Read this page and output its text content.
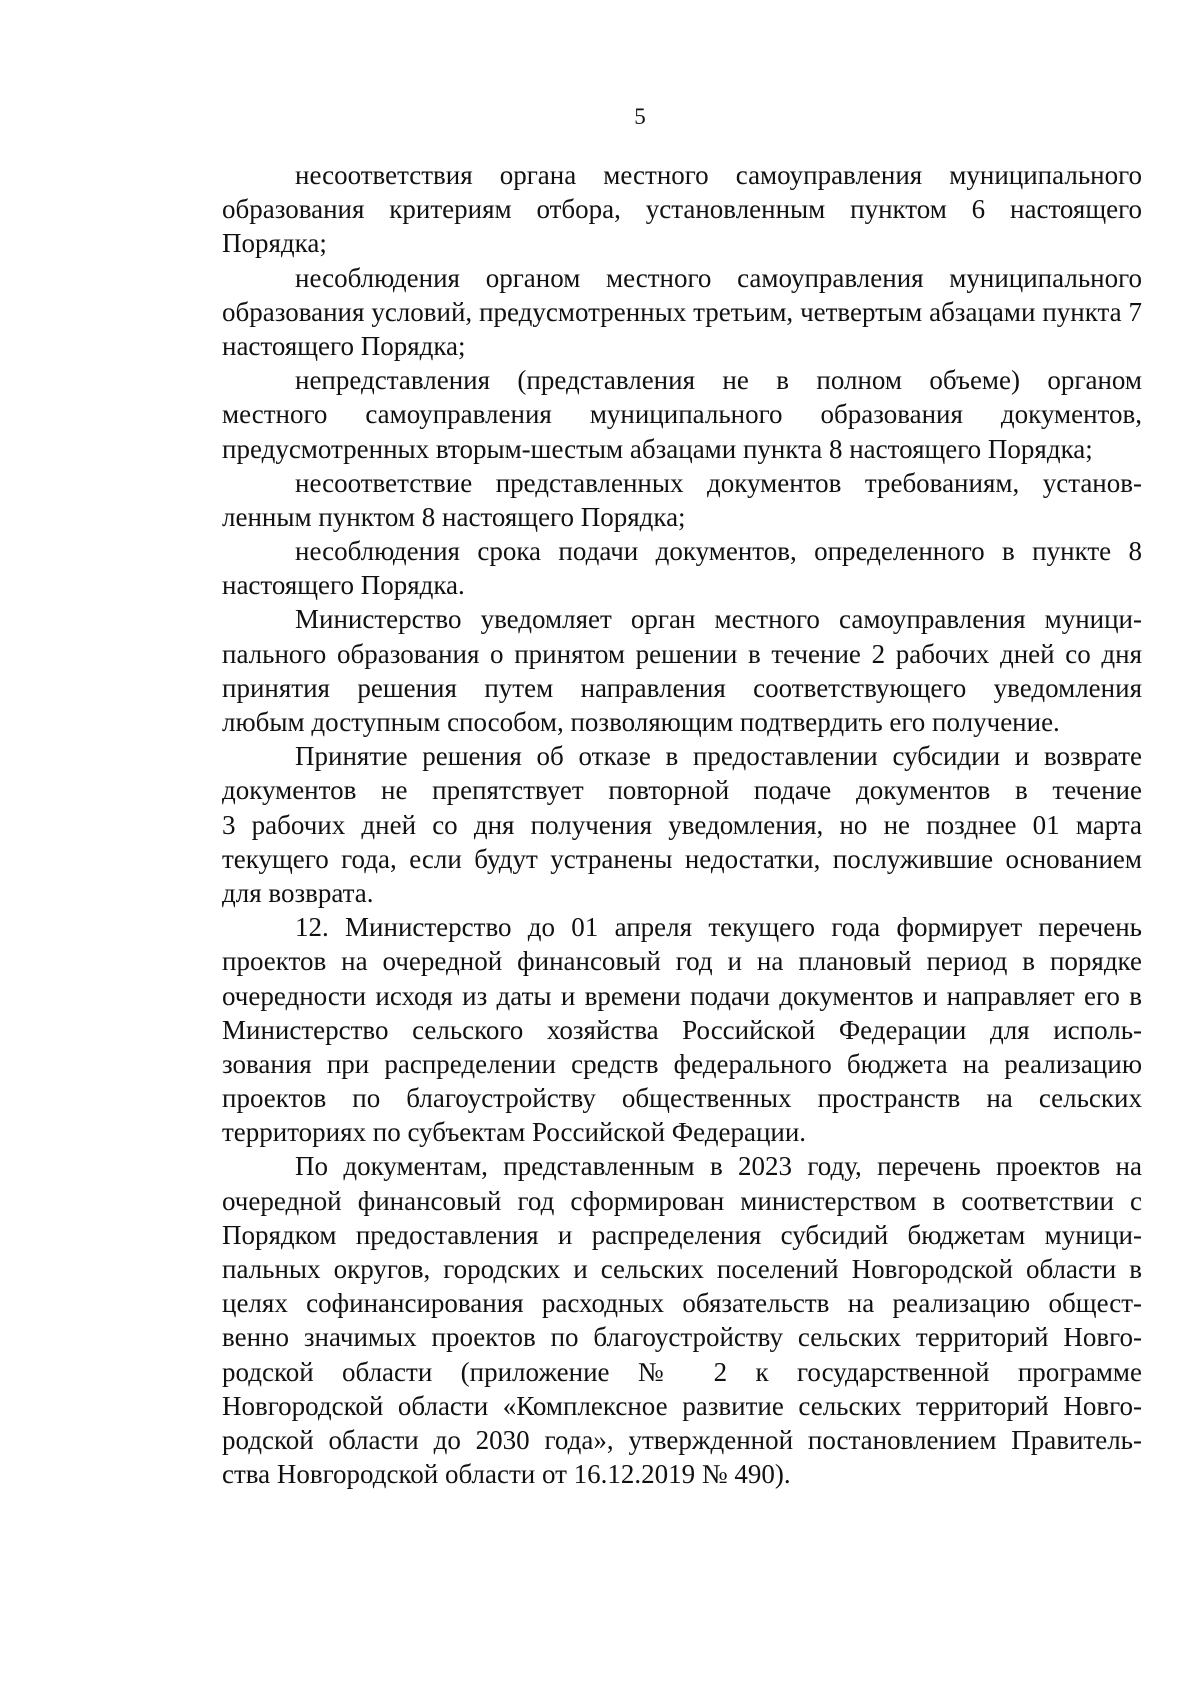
5
несоответствия органа местного самоуправления муниципального
образования критериям отбора, установленным пунктом 6 настоящего
Порядка;
несоблюдения органом местного самоуправления муниципального
образования условий, предусмотренных третьим, четвертым абзацами пункта 7
настоящего Порядка;
непредставления (представления не в полном объеме) органом
местного самоуправления муниципального образования документов,
предусмотренных вторым-шестым абзацами пункта 8 настоящего Порядка;
несоответствие представленных документов требованиям, установ-
ленным пунктом 8 настоящего Порядка;
несоблюдения срока подачи документов, определенного в пункте 8
настоящего Порядка.
Министерство уведомляет орган местного самоуправления муници-
пального образования о принятом решении в течение 2 рабочих дней со дня
принятия решения путем направления соответствующего уведомления
любым доступным способом, позволяющим подтвердить его получение.
Принятие решения об отказе в предоставлении субсидии и возврате
документов не препятствует повторной подаче документов в течение
3 рабочих дней со дня получения уведомления, но не позднее 01 марта
текущего года, если будут устранены недостатки, послужившие основанием
для возврата.
12. Министерство до 01 апреля текущего года формирует перечень
проектов на очередной финансовый год и на плановый период в порядке
очередности исходя из даты и времени подачи документов и направляет его в
Министерство сельского хозяйства Российской Федерации для исполь-
зования при распределении средств федерального бюджета на реализацию
проектов по благоустройству общественных пространств на сельских
территориях по субъектам Российской Федерации.
По документам, представленным в 2023 году, перечень проектов на
очередной финансовый год сформирован министерством в соответствии с
Порядком предоставления и распределения субсидий бюджетам муници-
пальных округов, городских и сельских поселений Новгородской области в
целях софинансирования расходных обязательств на реализацию общест-
венно значимых проектов по благоустройству сельских территорий Новго-
родской области (приложение № 2 к государственной программе
Новгородской области «Комплексное развитие сельских территорий Новго-
родской области до 2030 года», утвержденной постановлением Правитель-
ства Новгородской области от 16.12.2019 № 490).
